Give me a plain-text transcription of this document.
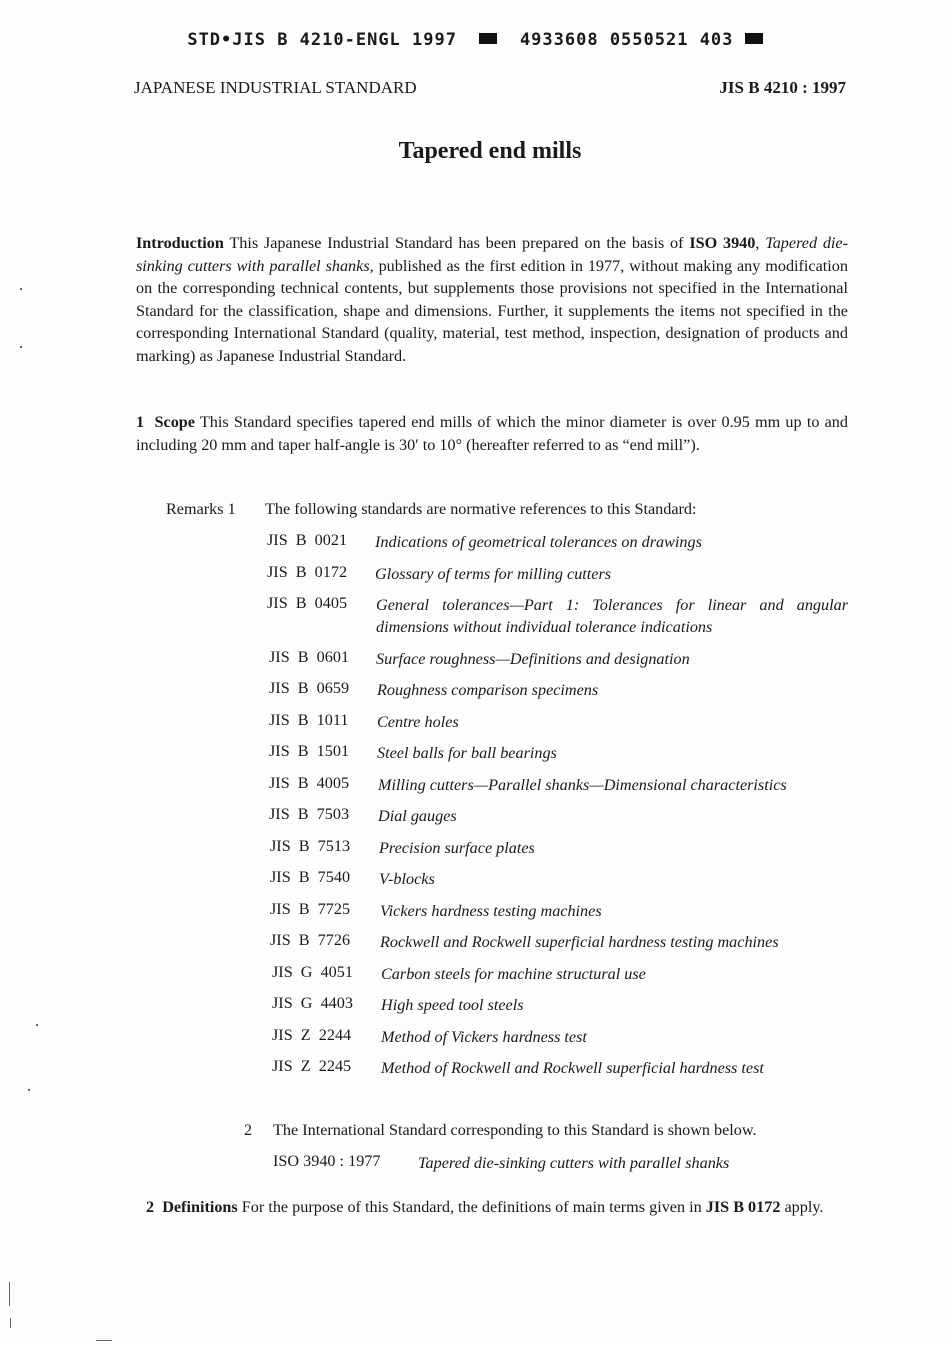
STD•JIS B 4210-ENGL 1997	4933608 0550521 403
JAPANESE INDUSTRIAL STANDARD	JIS B 4210 : 1997
Tapered end mills
Introduction This Japanese Industrial Standard has been prepared on the basis of ISO 3940, Tapered die-sinking cutters with parallel shanks, published as the first edition in 1977, without making any modification on the corresponding technical contents, but supplements those provisions not specified in the International Standard for the classification, shape and dimensions. Further, it supplements the items not specified in the corresponding International Standard (quality, material, test method, inspection, designation of products and marking) as Japanese Industrial Standard.
1 Scope This Standard specifies tapered end mills of which the minor diameter is over 0.95 mm up to and including 20 mm and taper half-angle is 30′ to 10° (hereafter referred to as “end mill”).
Remarks 1 The following standards are normative references to this Standard:
JIS  B  0021 Indications of geometrical tolerances on drawings
JIS  B  0172 Glossary of terms for milling cutters
JIS  B  0405 General tolerances—Part 1: Tolerances for linear and angular dimensions without individual tolerance indications
JIS  B  0601 Surface roughness—Definitions and designation
JIS  B  0659 Roughness comparison specimens
JIS  B  1011 Centre holes
JIS  B  1501 Steel balls for ball bearings
JIS  B  4005 Milling cutters—Parallel shanks—Dimensional characteristics
JIS  B  7503 Dial gauges
JIS  B  7513 Precision surface plates
JIS  B  7540 V-blocks
JIS  B  7725 Vickers hardness testing machines
JIS  B  7726 Rockwell and Rockwell superficial hardness testing machines
JIS  G  4051 Carbon steels for machine structural use
JIS  G  4403 High speed tool steels
JIS  Z  2244 Method of Vickers hardness test
JIS  Z  2245 Method of Rockwell and Rockwell superficial hardness test
2 The International Standard corresponding to this Standard is shown below.
ISO 3940 : 1977 Tapered die-sinking cutters with parallel shanks
2 Definitions For the purpose of this Standard, the definitions of main terms given in JIS B 0172 apply.
